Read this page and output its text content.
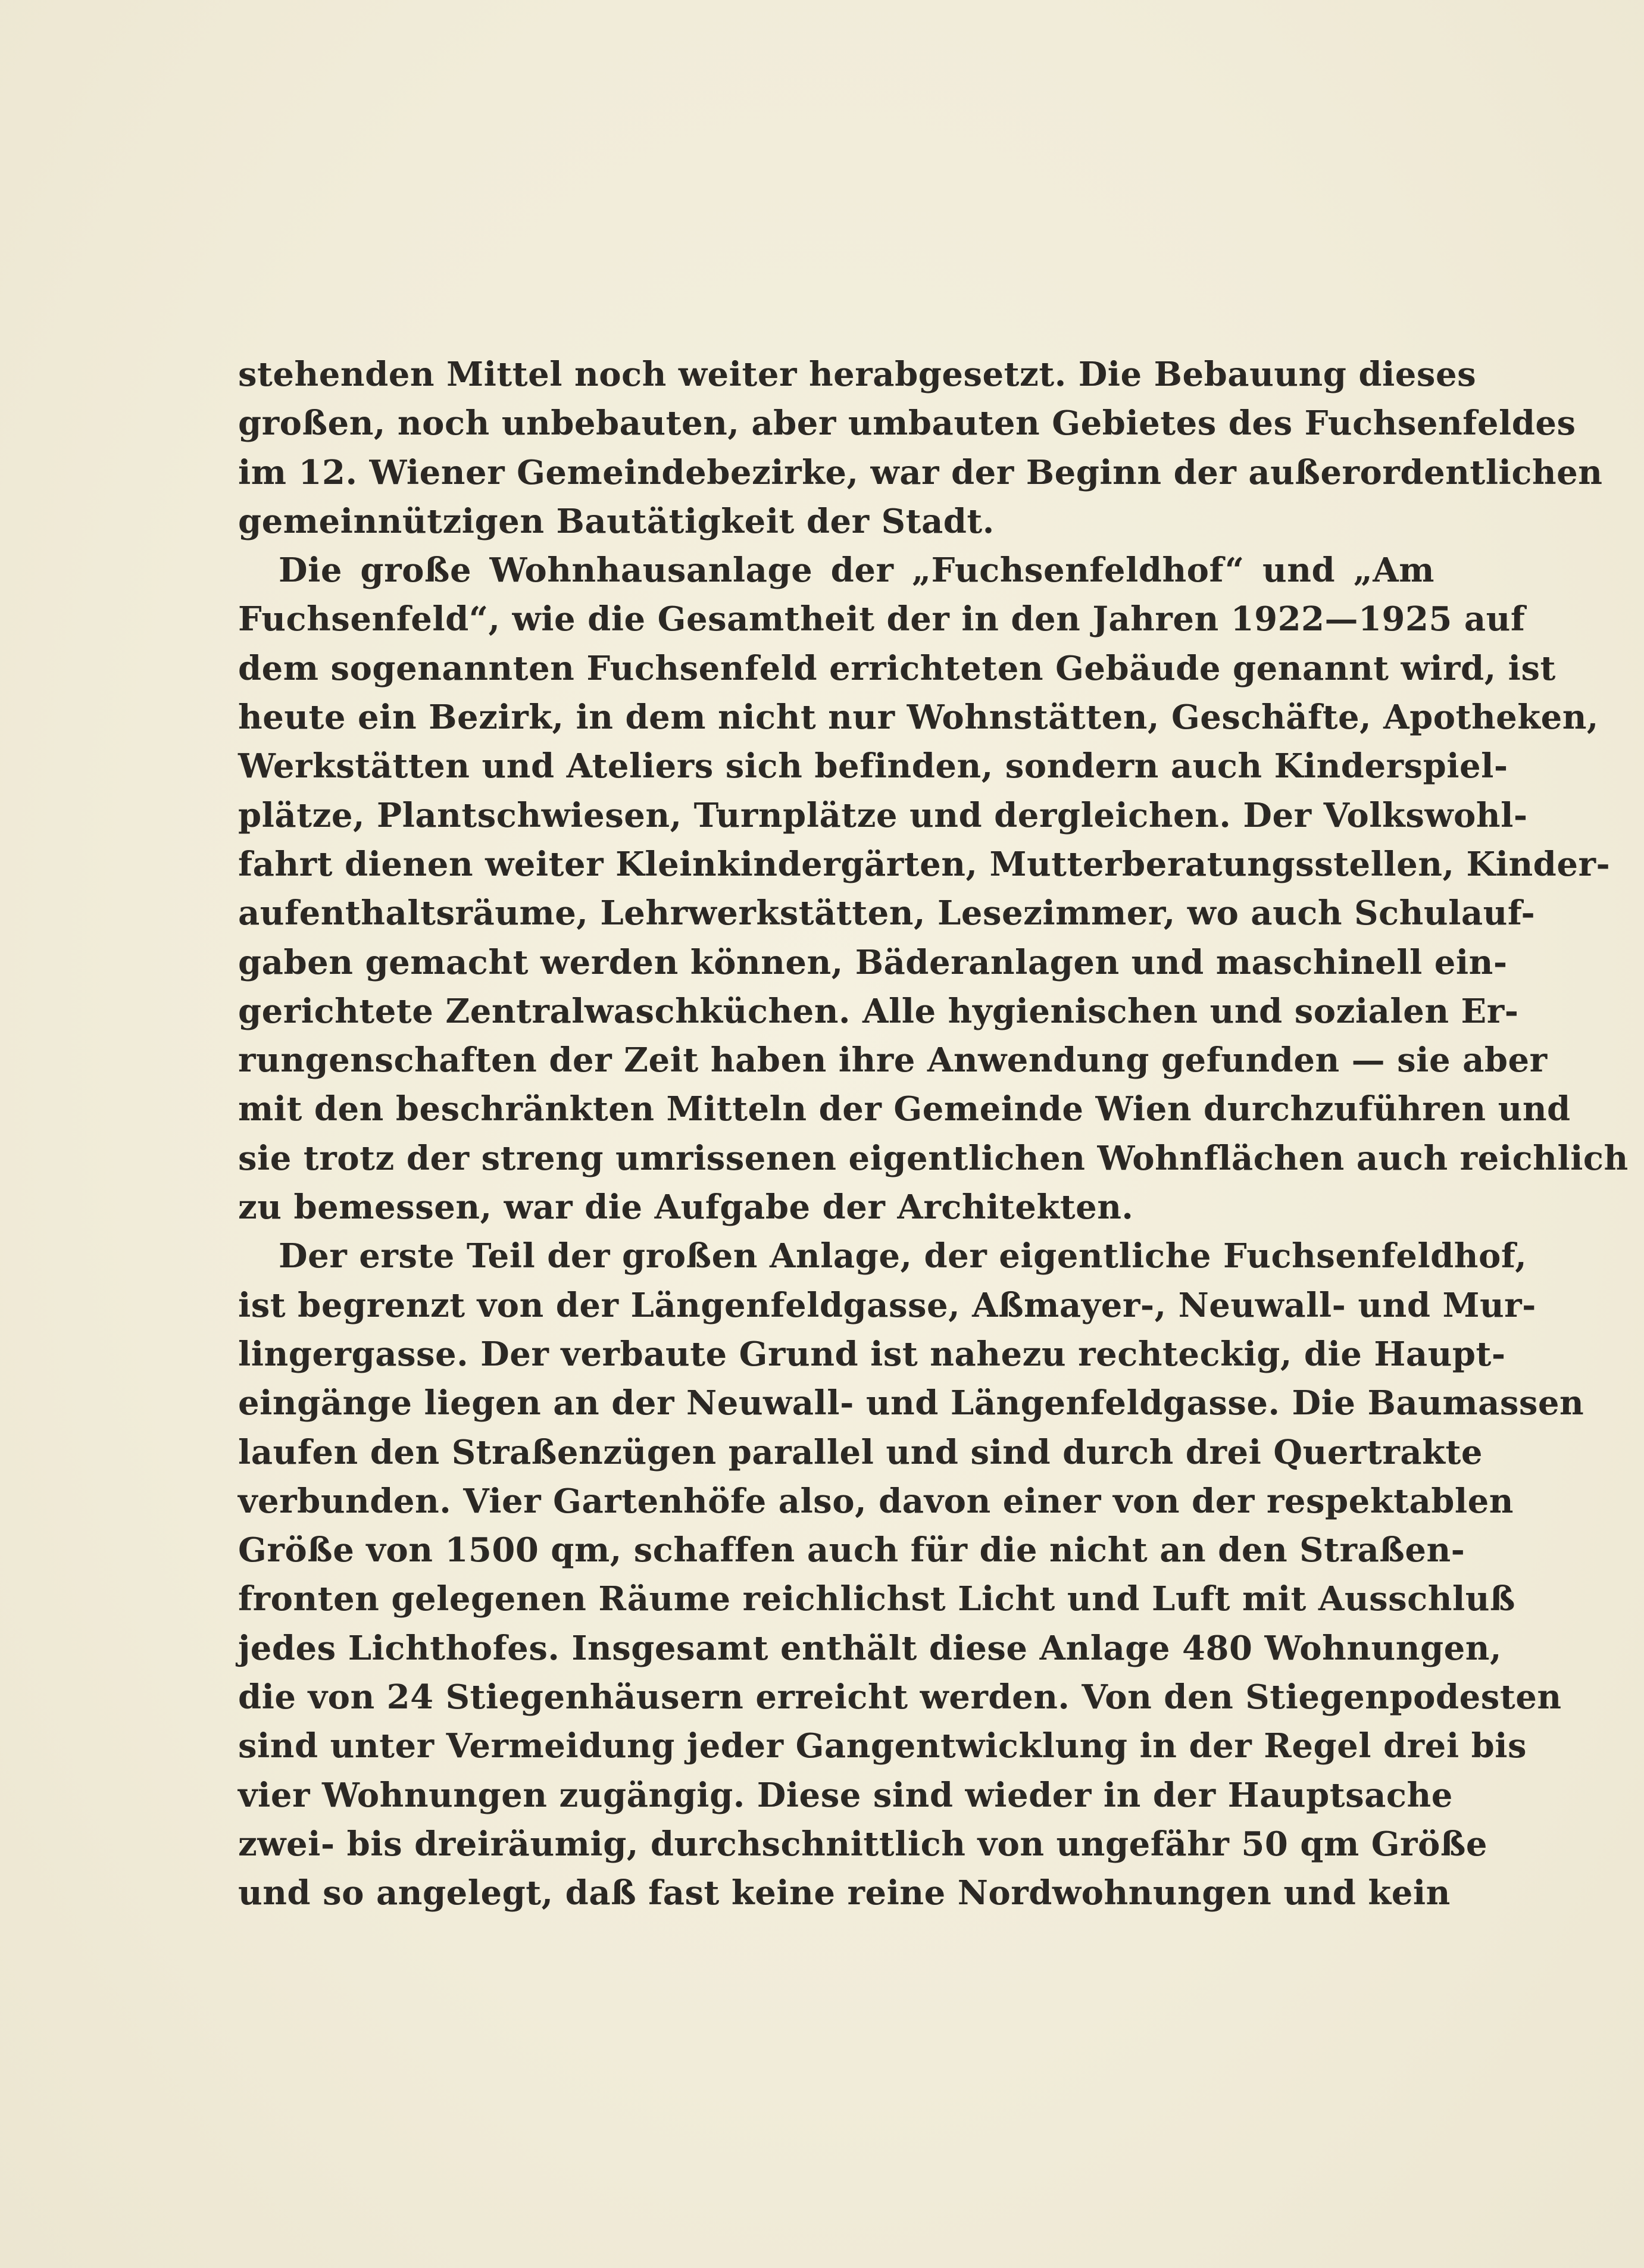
stehenden Mittel noch weiter herabgesetzt. Die Bebauung dieses
großen, noch unbebauten, aber umbauten Gebietes des Fuchsenfeldes
im 12. Wiener Gemeindebezirke, war der Beginn der außerordentlichen
gemeinnützigen Bautätigkeit der Stadt.
Die große Wohnhausanlage der „Fuchsenfeldhof“ und „Am
Fuchsenfeld“, wie die Gesamtheit der in den Jahren 1922—1925 auf
dem sogenannten Fuchsenfeld errichteten Gebäude genannt wird, ist
heute ein Bezirk, in dem nicht nur Wohnstätten, Geschäfte, Apotheken,
Werkstätten und Ateliers sich befinden, sondern auch Kinderspiel-
plätze, Plantschwiesen, Turnplätze und dergleichen. Der Volkswohl-
fahrt dienen weiter Kleinkindergärten, Mutterberatungsstellen, Kinder-
aufenthaltsräume, Lehrwerkstätten, Lesezimmer, wo auch Schulauf-
gaben gemacht werden können, Bäderanlagen und maschinell ein-
gerichtete Zentralwaschküchen. Alle hygienischen und sozialen Er-
rungenschaften der Zeit haben ihre Anwendung gefunden — sie aber
mit den beschränkten Mitteln der Gemeinde Wien durchzuführen und
sie trotz der streng umrissenen eigentlichen Wohnflächen auch reichlich
zu bemessen, war die Aufgabe der Architekten.
Der erste Teil der großen Anlage, der eigentliche Fuchsenfeldhof,
ist begrenzt von der Längenfeldgasse, Aßmayer-, Neuwall- und Mur-
lingergasse. Der verbaute Grund ist nahezu rechteckig, die Haupt-
eingänge liegen an der Neuwall- und Längenfeldgasse. Die Baumassen
laufen den Straßenzügen parallel und sind durch drei Quertrakte
verbunden. Vier Gartenhöfe also, davon einer von der respektablen
Größe von 1500 qm, schaffen auch für die nicht an den Straßen-
fronten gelegenen Räume reichlichst Licht und Luft mit Ausschluß
jedes Lichthofes. Insgesamt enthält diese Anlage 480 Wohnungen,
die von 24 Stiegenhäusern erreicht werden. Von den Stiegenpodesten
sind unter Vermeidung jeder Gangentwicklung in der Regel drei bis
vier Wohnungen zugängig. Diese sind wieder in der Hauptsache
zwei- bis dreiräumig, durchschnittlich von ungefähr 50 qm Größe
und so angelegt, daß fast keine reine Nordwohnungen und kein
